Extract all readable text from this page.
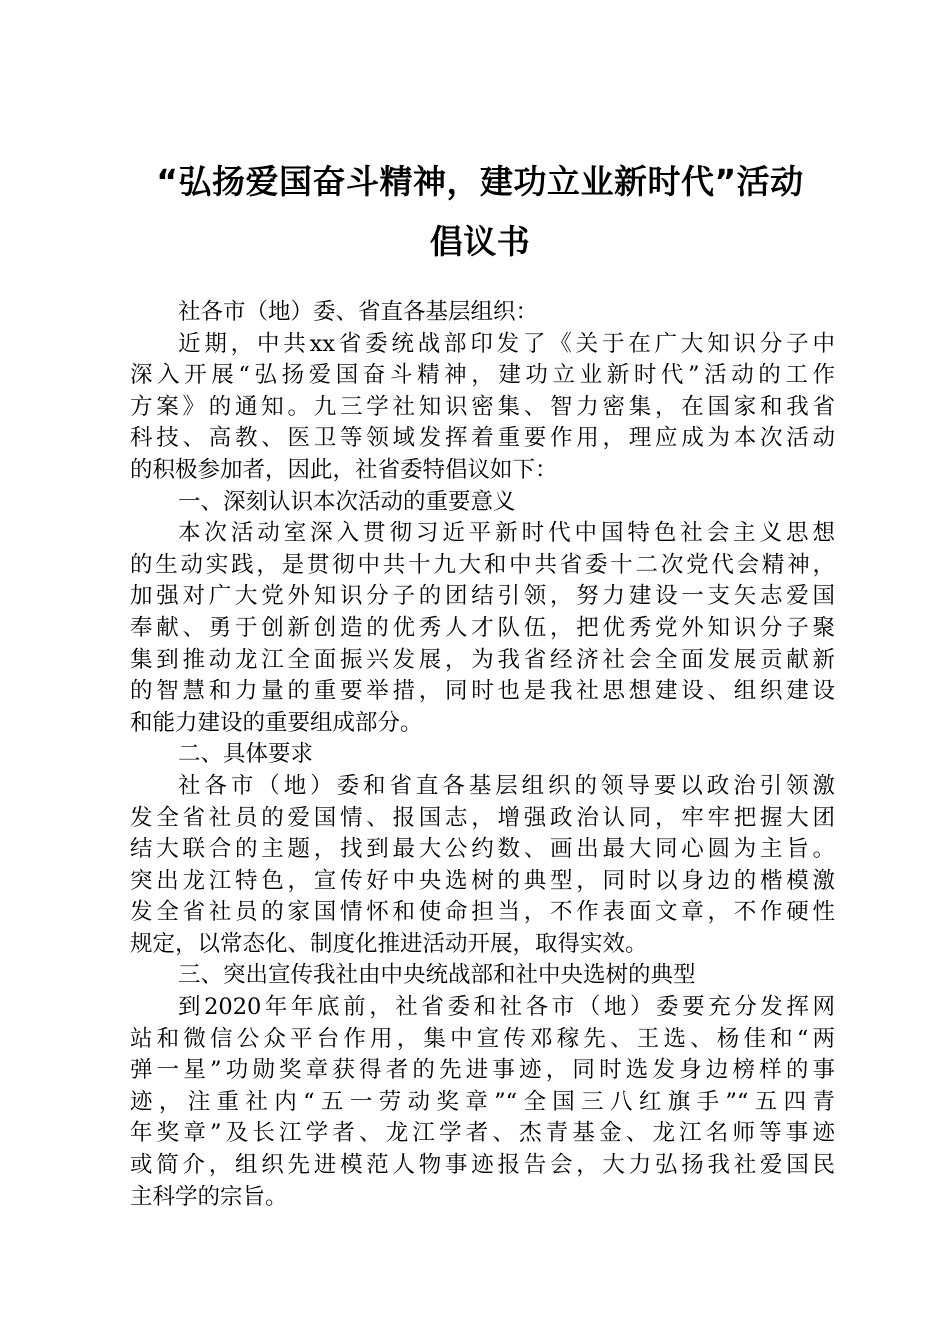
“弘扬爱国奋斗精神，建功立业新时代”活动
倡议书
社各市（地）委、省直各基层组织：
近期，中共xx省委统战部印发了《关于在广大知识分子中
深入开展“弘扬爱国奋斗精神，建功立业新时代”活动的工作
方案》的通知。九三学社知识密集、智力密集，在国家和我省
科技、高教、医卫等领域发挥着重要作用，理应成为本次活动
的积极参加者，因此，社省委特倡议如下：
一、深刻认识本次活动的重要意义
本次活动室深入贯彻习近平新时代中国特色社会主义思想
的生动实践，是贯彻中共十九大和中共省委十二次党代会精神，
加强对广大党外知识分子的团结引领，努力建设一支矢志爱国
奉献、勇于创新创造的优秀人才队伍，把优秀党外知识分子聚
集到推动龙江全面振兴发展，为我省经济社会全面发展贡献新
的智慧和力量的重要举措，同时也是我社思想建设、组织建设
和能力建设的重要组成部分。
二、具体要求
社各市（地）委和省直各基层组织的领导要以政治引领激
发全省社员的爱国情、报国志，增强政治认同，牢牢把握大团
结大联合的主题，找到最大公约数、画出最大同心圆为主旨。
突出龙江特色，宣传好中央选树的典型，同时以身边的楷模激
发全省社员的家国情怀和使命担当，不作表面文章，不作硬性
规定，以常态化、制度化推进活动开展，取得实效。
三、突出宣传我社由中央统战部和社中央选树的典型
到2020年年底前，社省委和社各市（地）委要充分发挥网
站和微信公众平台作用，集中宣传邓稼先、王选、杨佳和“两
弹一星”功勋奖章获得者的先进事迹，同时选发身边榜样的事
迹，注重社内“五一劳动奖章”“全国三八红旗手”“五四青
年奖章”及长江学者、龙江学者、杰青基金、龙江名师等事迹
或简介，组织先进模范人物事迹报告会，大力弘扬我社爱国民
主科学的宗旨。
